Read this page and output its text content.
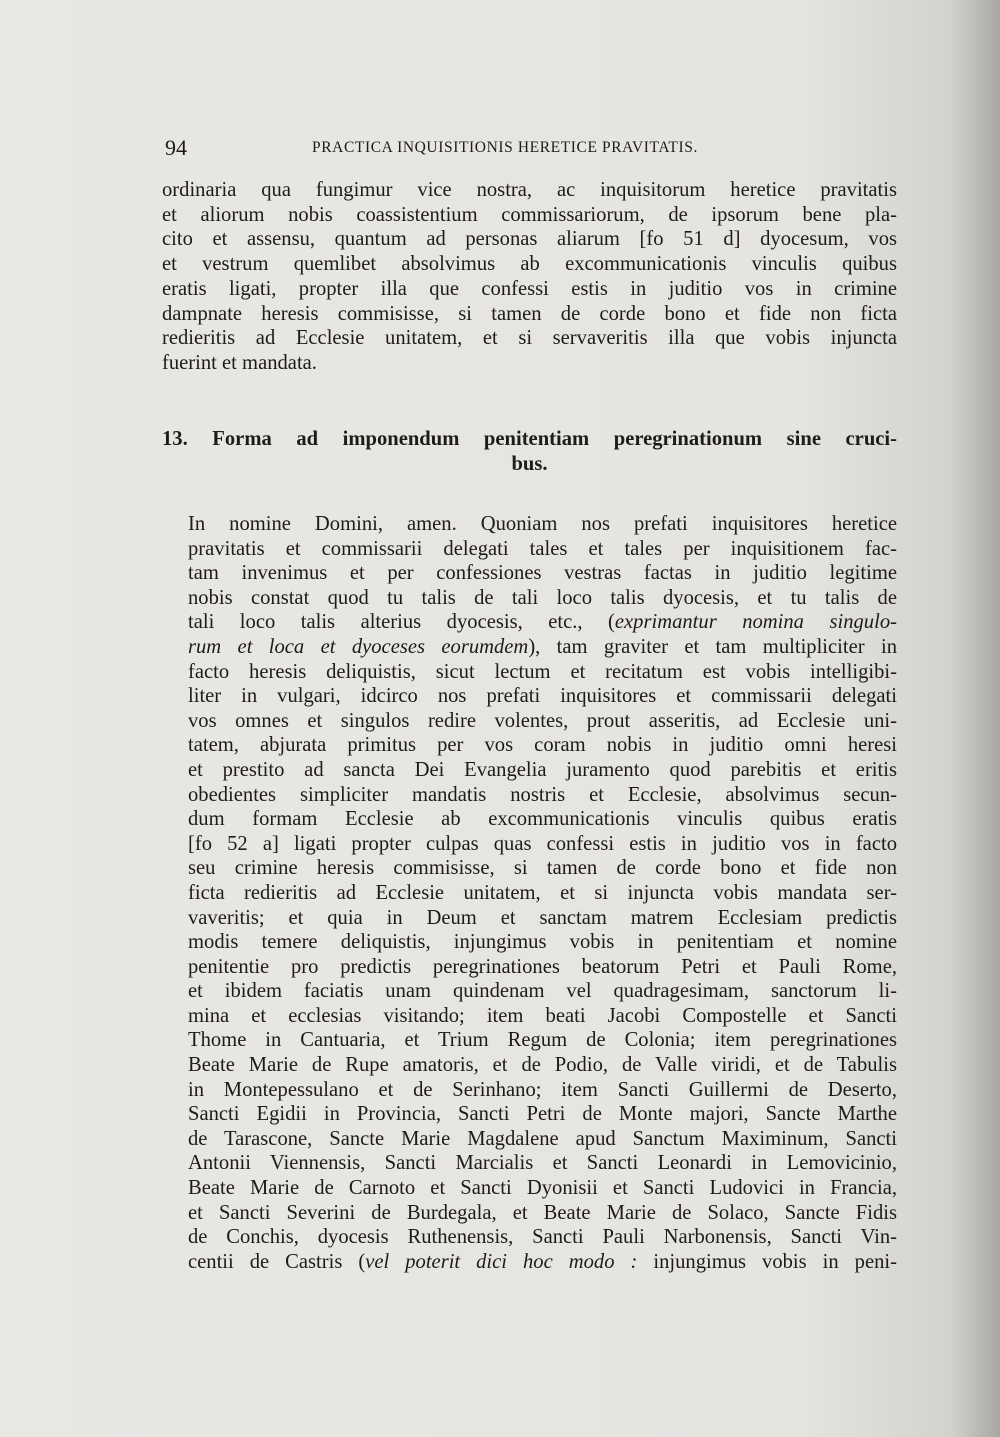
94	PRACTICA INQUISITIONIS HERETICE PRAVITATIS.
ordinaria qua fungimur vice nostra, ac inquisitorum heretice pravitatis
et aliorum nobis coassistentium commissariorum, de ipsorum bene pla-
cito et assensu, quantum ad personas aliarum [fo 51 d] dyocesum, vos
et vestrum quemlibet absolvimus ab excommunicationis vinculis quibus
eratis ligati, propter illa que confessi estis in juditio vos in crimine
dampnate heresis commisisse, si tamen de corde bono et fide non ficta
redieritis ad Ecclesie unitatem, et si servaveritis illa que vobis injuncta
fuerint et mandata.
13. Forma ad imponendum penitentiam peregrinationum sine cruci-
bus.
In nomine Domini, amen. Quoniam nos prefati inquisitores heretice
pravitatis et commissarii delegati tales et tales per inquisitionem fac-
tam invenimus et per confessiones vestras factas in juditio legitime
nobis constat quod tu talis de tali loco talis dyocesis, et tu talis de
tali loco talis alterius dyocesis, etc., (exprimantur nomina singulo-
rum et loca et dyoceses eorumdem), tam graviter et tam multipliciter in
facto heresis deliquistis, sicut lectum et recitatum est vobis intelligibi-
liter in vulgari, idcirco nos prefati inquisitores et commissarii delegati
vos omnes et singulos redire volentes, prout asseritis, ad Ecclesie uni-
tatem, abjurata primitus per vos coram nobis in juditio omni heresi
et prestito ad sancta Dei Evangelia juramento quod parebitis et eritis
obedientes simpliciter mandatis nostris et Ecclesie, absolvimus secun-
dum formam Ecclesie ab excommunicationis vinculis quibus eratis
[fo 52 a] ligati propter culpas quas confessi estis in juditio vos in facto
seu crimine heresis commisisse, si tamen de corde bono et fide non
ficta redieritis ad Ecclesie unitatem, et si injuncta vobis mandata ser-
vaveritis; et quia in Deum et sanctam matrem Ecclesiam predictis
modis temere deliquistis, injungimus vobis in penitentiam et nomine
penitentie pro predictis peregrinationes beatorum Petri et Pauli Rome,
et ibidem faciatis unam quindenam vel quadragesimam, sanctorum li-
mina et ecclesias visitando; item beati Jacobi Compostelle et Sancti
Thome in Cantuaria, et Trium Regum de Colonia; item peregrinationes
Beate Marie de Rupe amatoris, et de Podio, de Valle viridi, et de Tabulis
in Montepessulano et de Serinhano; item Sancti Guillermi de Deserto,
Sancti Egidii in Provincia, Sancti Petri de Monte majori, Sancte Marthe
de Tarascone, Sancte Marie Magdalene apud Sanctum Maximinum, Sancti
Antonii Viennensis, Sancti Marcialis et Sancti Leonardi in Lemovicinio,
Beate Marie de Carnoto et Sancti Dyonisii et Sancti Ludovici in Francia,
et Sancti Severini de Burdegala, et Beate Marie de Solaco, Sancte Fidis
de Conchis, dyocesis Ruthenensis, Sancti Pauli Narbonensis, Sancti Vin-
centii de Castris (vel poterit dici hoc modo : injungimus vobis in peni-
